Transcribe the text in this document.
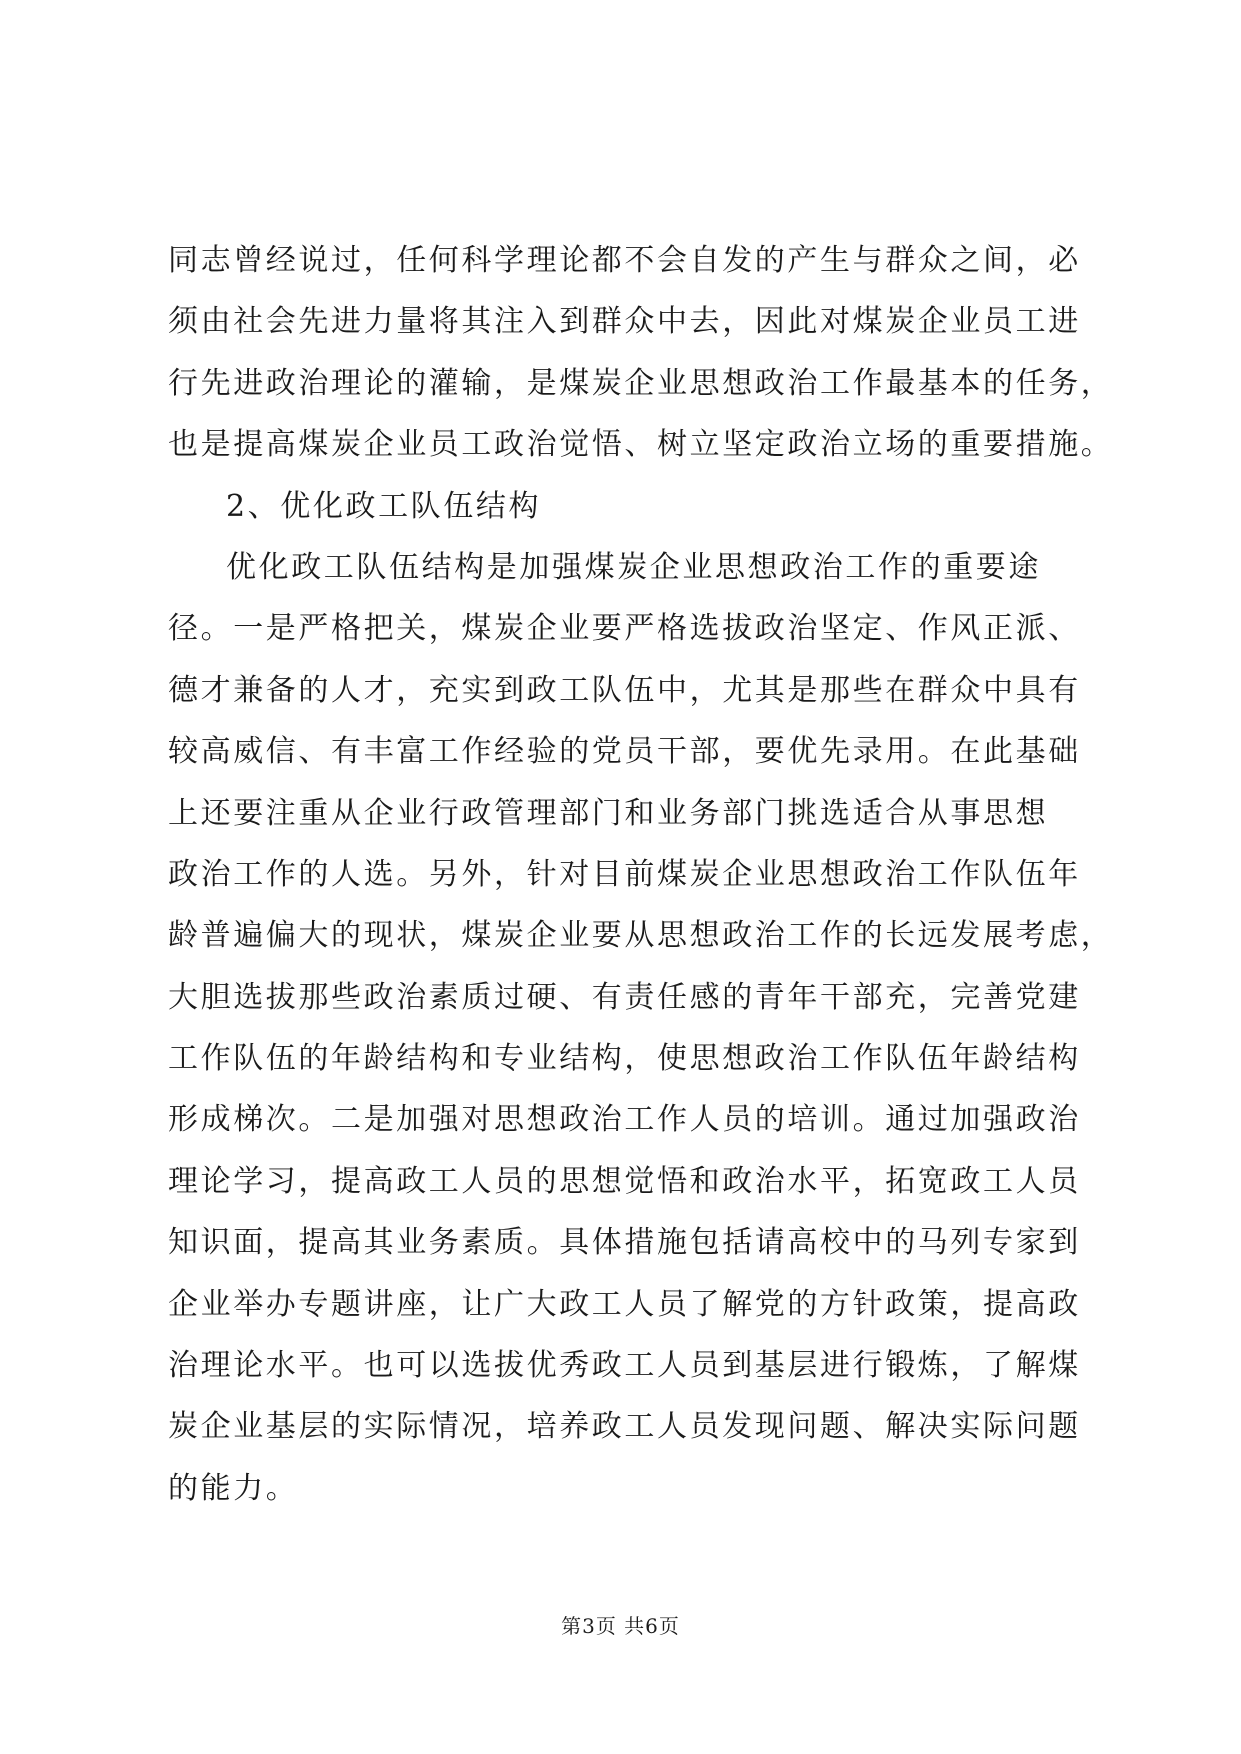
同志曾经说过，任何科学理论都不会自发的产生与群众之间，必
须由社会先进力量将其注入到群众中去，因此对煤炭企业员工进
行先进政治理论的灌输，是煤炭企业思想政治工作最基本的任务，
也是提高煤炭企业员工政治觉悟、树立坚定政治立场的重要措施。
2、优化政工队伍结构
优化政工队伍结构是加强煤炭企业思想政治工作的重要途
径。一是严格把关，煤炭企业要严格选拔政治坚定、作风正派、
德才兼备的人才，充实到政工队伍中，尤其是那些在群众中具有
较高威信、有丰富工作经验的党员干部，要优先录用。在此基础
上还要注重从企业行政管理部门和业务部门挑选适合从事思想
政治工作的人选。另外，针对目前煤炭企业思想政治工作队伍年
龄普遍偏大的现状，煤炭企业要从思想政治工作的长远发展考虑，
大胆选拔那些政治素质过硬、有责任感的青年干部充，完善党建
工作队伍的年龄结构和专业结构，使思想政治工作队伍年龄结构
形成梯次。二是加强对思想政治工作人员的培训。通过加强政治
理论学习，提高政工人员的思想觉悟和政治水平，拓宽政工人员
知识面，提高其业务素质。具体措施包括请高校中的马列专家到
企业举办专题讲座，让广大政工人员了解党的方针政策，提高政
治理论水平。也可以选拔优秀政工人员到基层进行锻炼，了解煤
炭企业基层的实际情况，培养政工人员发现问题、解决实际问题
的能力。
第3页 共6页
